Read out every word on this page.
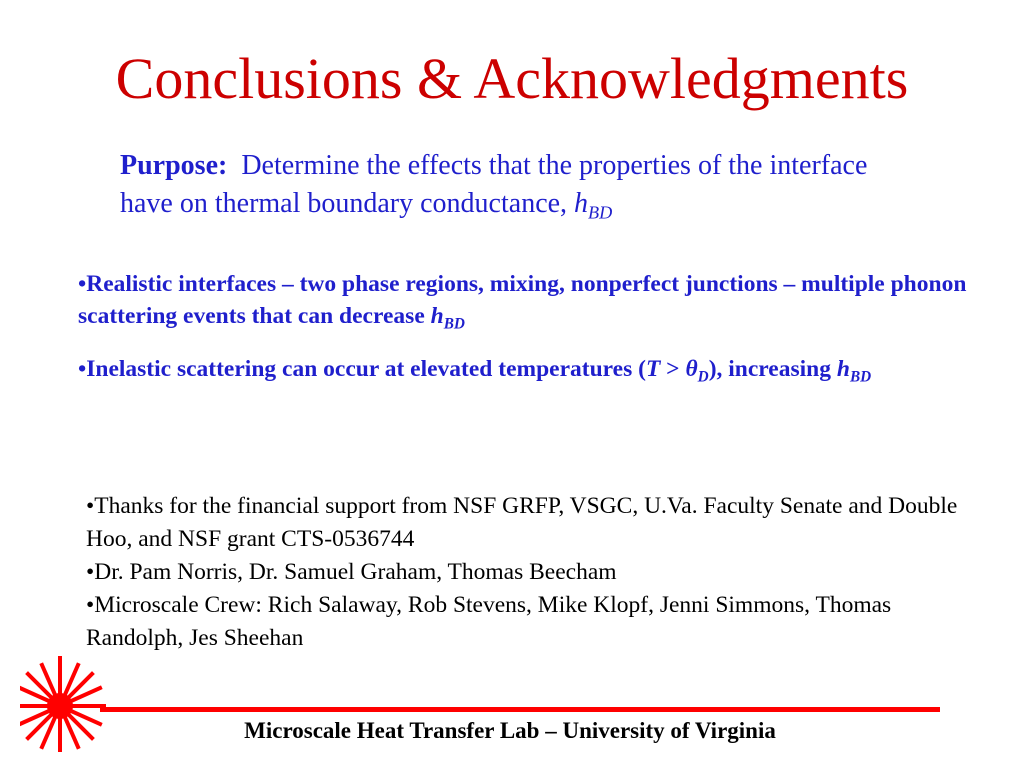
Conclusions & Acknowledgments
Purpose: Determine the effects that the properties of the interface have on thermal boundary conductance, $h_{BD}$

•Realistic interfaces – two phase regions, mixing, nonperfect junctions – multiple phonon scattering events that can decrease $h_{BD}$

•Inelastic scattering can occur at elevated temperatures $(T > \theta_D)$, increasing $h_{BD}$

•Thanks for the financial support from NSF GRFP, VSGC, U.Va. Faculty Senate and Double Hoo, and NSF grant CTS-0536744

•Dr. Pam Norris, Dr. Samuel Graham, Thomas Beecham

•Microscale Crew: Rich Salaway, Rob Stevens, Mike Klopf, Jenni Simmons, Thomas Randolph, Jes Sheehan

Microscale Heat Transfer Lab – University of Virginia
